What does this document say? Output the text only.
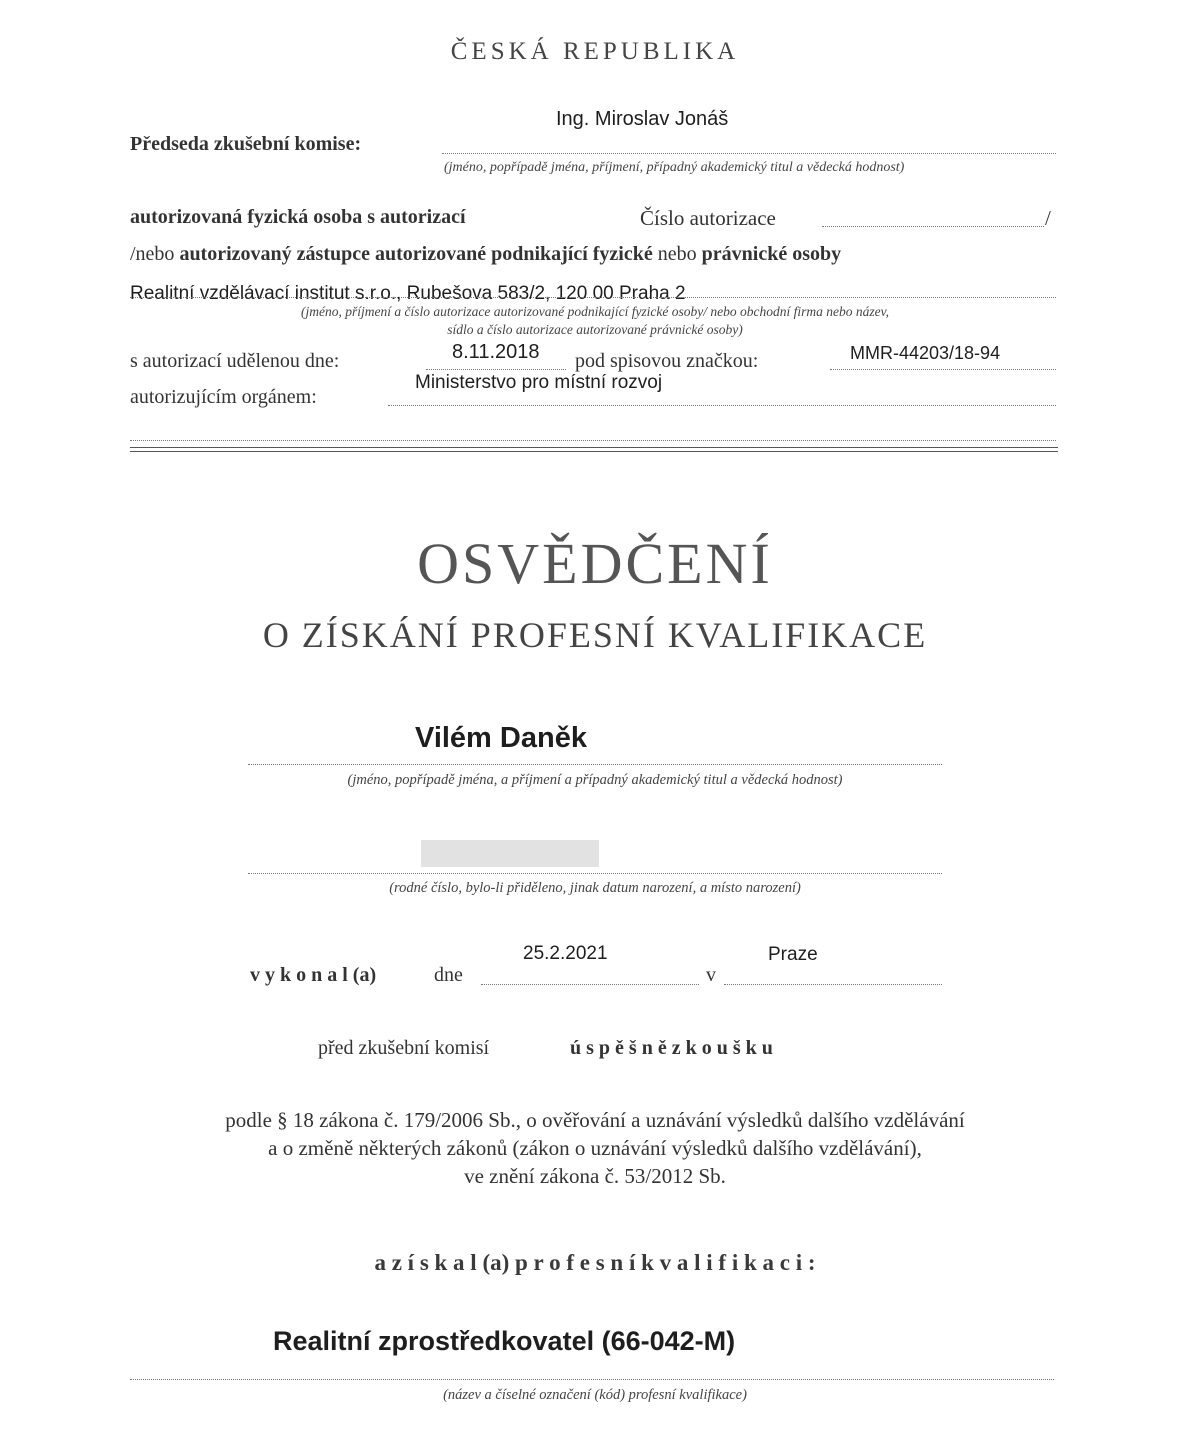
ČESKÁ REPUBLIKA
Ing. Miroslav Jonáš
Předseda zkušební komise:
(jméno, popřípadě jména, příjmení, případný akademický titul a vědecká hodnost)
autorizovaná fyzická osoba s autorizací	Číslo autorizace	/
/nebo autorizovaný zástupce autorizované podnikající fyzické nebo právnické osoby
Realitní vzdělávací institut s.r.o., Rubešova 583/2, 120 00 Praha 2
(jméno, příjmení a číslo autorizace autorizované podnikající fyzické osoby/ nebo obchodní firma nebo název,
sídlo a číslo autorizace autorizované právnické osoby)
s autorizací udělenou dne:	8.11.2018 pod spisovou značkou:	MMR-44203/18-94
Ministerstvo pro místní rozvoj
autorizujícím orgánem:
OSVĚDČENÍ
O ZÍSKÁNÍ PROFESNÍ KVALIFIKACE
Vilém Daněk
(jméno, popřípadě jména, a příjmení a případný akademický titul a vědecká hodnost)
(rodné číslo, bylo-li přiděleno, jinak datum narození, a místo narození)
25.2.2021	Praze
v y k o n a l (a)	dne	v
před zkušební komisí	ú s p ě š n ě z k o u š k u
podle § 18 zákona č. 179/2006 Sb., o ověřování a uznávání výsledků dalšího vzdělávání
a o změně některých zákonů (zákon o uznávání výsledků dalšího vzdělávání),
ve znění zákona č. 53/2012 Sb.
a z í s k a l (a) p r o f e s n í k v a l i f i k a c i :
Realitní zprostředkovatel (66-042-M)
(název a číselné označení (kód) profesní kvalifikace)
